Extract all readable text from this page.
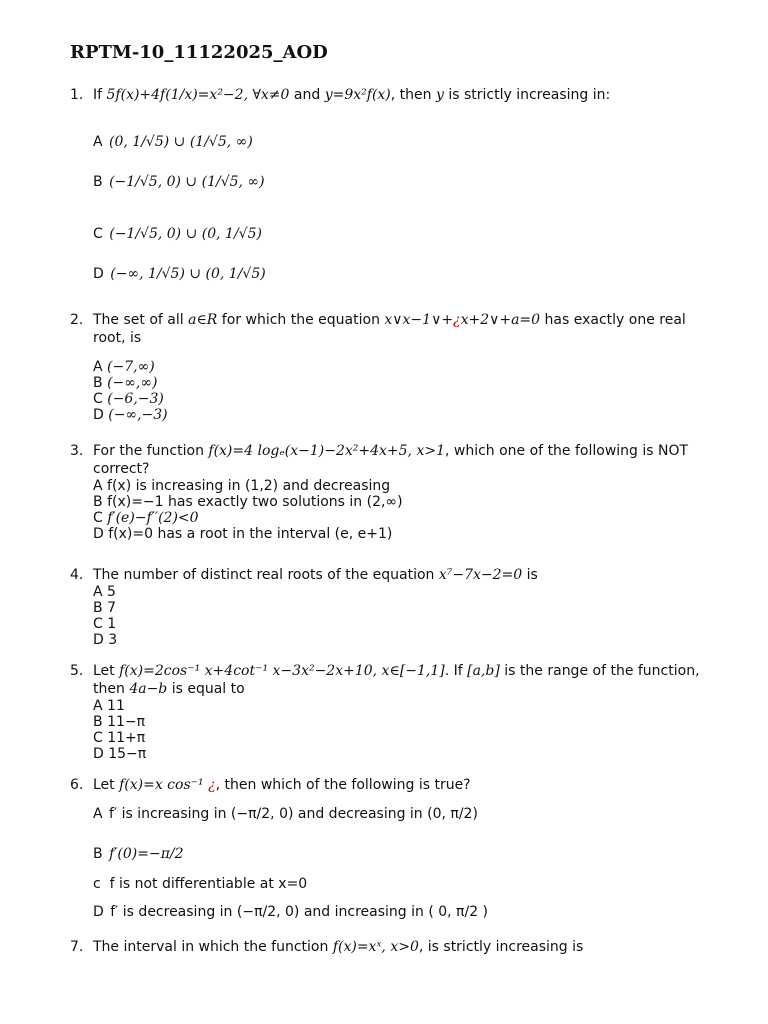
RPTM-10_11122025_AOD
1. If 5f(x)+4f(1/x)=x²−2, ∀x≠0 and y=9x²f(x), then y is strictly increasing in:
A
(0, 1/√5) ∪ (1/√5, ∞)
B
(−1/√5, 0) ∪ (1/√5, ∞)
C
(−1/√5, 0) ∪ (0, 1/√5)
D
(−∞, 1/√5) ∪ (0, 1/√5)
2. The set of all a∈R for which the equation x∨x−1∨+¿x+2∨+a=0 has exactly one real root, is
A (−7,∞)
B (−∞,∞)
C (−6,−3)
D (−∞,−3)
3. For the function f(x)=4 logₑ(x−1)−2x²+4x+5, x>1, which one of the following is NOT correct?
A f(x) is increasing in (1,2) and decreasing
B f(x)=−1 has exactly two solutions in (2,∞)
C f′(e)−f′′(2)<0
D f(x)=0 has a root in the interval (e, e+1)
4. The number of distinct real roots of the equation x⁷−7x−2=0 is
A 5
B 7
C 1
D 3
5. Let f(x)=2cos⁻¹ x+4cot⁻¹ x−3x²−2x+10, x∈[−1,1]. If [a,b] is the range of the function, then 4a−b is equal to
A 11
B 11−π
C 11+π
D 15−π
6. Let f(x)=x cos⁻¹ ¿, then which of the following is true?
A
f′ is increasing in (−π/2, 0) and decreasing in (0, π/2)
B
f′(0)=−π/2
c f is not differentiable at x=0
D
f′ is decreasing in (−π/2, 0) and increasing in ( 0, π/2 )
7. The interval in which the function f(x)=xˣ, x>0, is strictly increasing is
